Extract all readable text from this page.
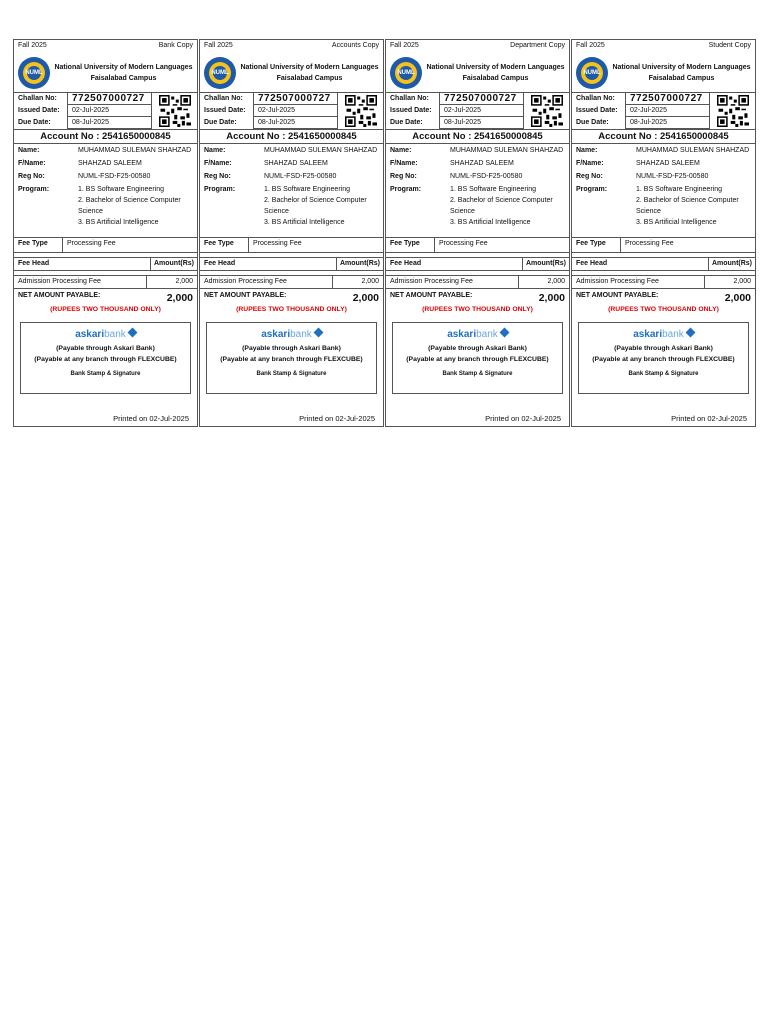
Fall 2025	Bank Copy
NUML
National University of Modern Languages Faisalabad Campus
Challan No:	772507000727
Issued Date:	02-Jul-2025
Due Date:	08-Jul-2025
Account No : 2541650000845
Name:	MUHAMMAD SULEMAN SHAHZAD
F/Name:	SHAHZAD SALEEM
Reg No:	NUML-FSD-F25-00580
Program:	1. BS Software Engineering
2. Bachelor of Science Computer Science
3. BS Artificial Intelligence
Fee Type	Processing Fee
Fee Head	Amount(Rs)
Admission Processing Fee	2,000
NET AMOUNT PAYABLE:	2,000
(RUPEES TWO THOUSAND ONLY)
askaribank
(Payable through Askari Bank)
(Payable at any branch through FLEXCUBE)
Bank Stamp & Signature
Printed on 02-Jul-2025
Fall 2025	Accounts Copy
NUML
National University of Modern Languages Faisalabad Campus
Challan No:	772507000727
Issued Date:	02-Jul-2025
Due Date:	08-Jul-2025
Account No : 2541650000845
Name:	MUHAMMAD SULEMAN SHAHZAD
F/Name:	SHAHZAD SALEEM
Reg No:	NUML-FSD-F25-00580
Program:	1. BS Software Engineering
2. Bachelor of Science Computer Science
3. BS Artificial Intelligence
Fee Type	Processing Fee
Fee Head	Amount(Rs)
Admission Processing Fee	2,000
NET AMOUNT PAYABLE:	2,000
(RUPEES TWO THOUSAND ONLY)
askaribank
(Payable through Askari Bank)
(Payable at any branch through FLEXCUBE)
Bank Stamp & Signature
Printed on 02-Jul-2025
Fall 2025	Department Copy
NUML
National University of Modern Languages Faisalabad Campus
Challan No:	772507000727
Issued Date:	02-Jul-2025
Due Date:	08-Jul-2025
Account No : 2541650000845
Name:	MUHAMMAD SULEMAN SHAHZAD
F/Name:	SHAHZAD SALEEM
Reg No:	NUML-FSD-F25-00580
Program:	1. BS Software Engineering
2. Bachelor of Science Computer Science
3. BS Artificial Intelligence
Fee Type	Processing Fee
Fee Head	Amount(Rs)
Admission Processing Fee	2,000
NET AMOUNT PAYABLE:	2,000
(RUPEES TWO THOUSAND ONLY)
askaribank
(Payable through Askari Bank)
(Payable at any branch through FLEXCUBE)
Bank Stamp & Signature
Printed on 02-Jul-2025
Fall 2025	Student Copy
NUML
National University of Modern Languages Faisalabad Campus
Challan No:	772507000727
Issued Date:	02-Jul-2025
Due Date:	08-Jul-2025
Account No : 2541650000845
Name:	MUHAMMAD SULEMAN SHAHZAD
F/Name:	SHAHZAD SALEEM
Reg No:	NUML-FSD-F25-00580
Program:	1. BS Software Engineering
2. Bachelor of Science Computer Science
3. BS Artificial Intelligence
Fee Type	Processing Fee
Fee Head	Amount(Rs)
Admission Processing Fee	2,000
NET AMOUNT PAYABLE:	2,000
(RUPEES TWO THOUSAND ONLY)
askaribank
(Payable through Askari Bank)
(Payable at any branch through FLEXCUBE)
Bank Stamp & Signature
Printed on 02-Jul-2025
